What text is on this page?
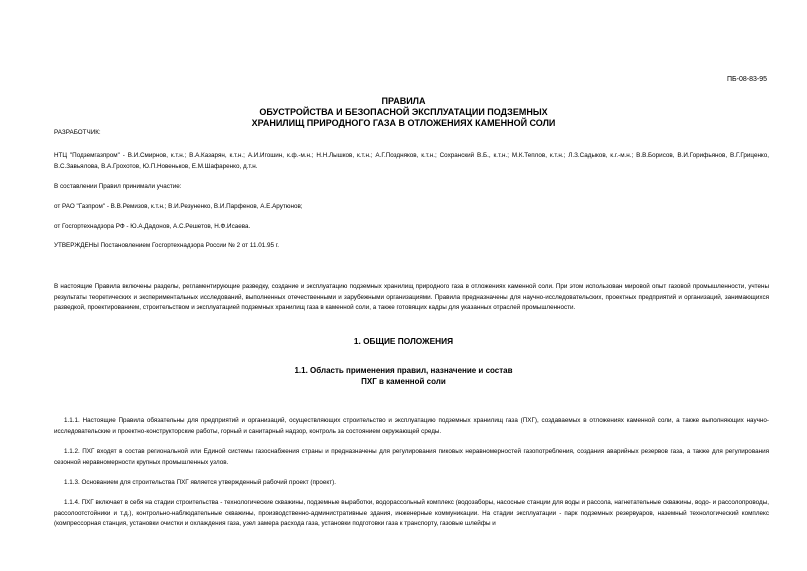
ПБ-08-83-95
ПРАВИЛА
ОБУСТРОЙСТВА И БЕЗОПАСНОЙ ЭКСПЛУАТАЦИИ ПОДЗЕМНЫХ
ХРАНИЛИЩ ПРИРОДНОГО ГАЗА В ОТЛОЖЕНИЯХ КАМЕННОЙ СОЛИ
РАЗРАБОТЧИК:
НТЦ "Подземгазпром" - В.И.Смирнов, к.т.н.; В.А.Казарян, к.т.н.; А.И.Игошин, к.ф.-м.н.; Н.Н.Лышков, к.т.н.; А.Г.Поздняков, к.т.н.; Сохранский В.Б., к.т.н.; М.К.Теплов, к.т.н.; Л.З.Садыков, к.г.-м.н.; В.В.Борисов, В.И.Горифьянов, В.Г.Гриценко, В.С.Завьялова, В.А.Грохотов, Ю.П.Новеньков, Е.М.Шафаренко, д.т.н.
В составлении Правил принимали участие:
от РАО "Газпром" - В.В.Ремизов, к.т.н.; В.И.Резуненко, В.И.Парфенов, А.Е.Арутюнов;
от Госгортехнадзора РФ - Ю.А.Дадонов, А.С.Решетов, Н.Ф.Исаева.
УТВЕРЖДЕНЫ Постановлением Госгортехнадзора России № 2 от 11.01.95 г.
В настоящие Правила включены разделы, регламентирующие разведку, создание и эксплуатацию подземных хранилищ природного газа в отложениях каменной соли. При этом использован мировой опыт газовой промышленности, учтены результаты теоретических и экспериментальных исследований, выполненных отечественными и зарубежными организациями. Правила предназначены для научно-исследовательских, проектных предприятий и организаций, занимающихся разведкой, проектированием, строительством и эксплуатацией подземных хранилищ газа в каменной соли, а также готовящих кадры для указанных отраслей промышленности.
1. ОБЩИЕ ПОЛОЖЕНИЯ
1.1. Область применения правил, назначение и состав
ПХГ в каменной соли
1.1.1. Настоящие Правила обязательны для предприятий и организаций, осуществляющих строительство и эксплуатацию подземных хранилищ газа (ПХГ), создаваемых в отложениях каменной соли, а также выполняющих научно-исследовательские и проектно-конструкторские работы, горный и санитарный надзор, контроль за состоянием окружающей среды.
1.1.2. ПХГ входят в состав региональной или Единой системы газоснабжения страны и предназначены для регулирования пиковых неравномерностей газопотребления, создания аварийных резервов газа, а также для регулирования сезонной неравномерности крупных промышленных узлов.
1.1.3. Основанием для строительства ПХГ является утвержденный рабочий проект (проект).
1.1.4. ПХГ включает в себя на стадии строительства - технологические скважины, подземные выработки, водорассольный комплекс (водозаборы, насосные станции для воды и рассола, нагнетательные скважины, водо- и рассолопроводы, рассолоотстойники и т.д.), контрольно-наблюдательные скважины, производственно-административные здания, инженерные коммуникации. На стадии эксплуатации - парк подземных резервуаров, наземный технологический комплекс (компрессорная станция, установки очистки и охлаждения газа, узел замера расхода газа, установки подготовки газа к транспорту, газовые шлейфы и
